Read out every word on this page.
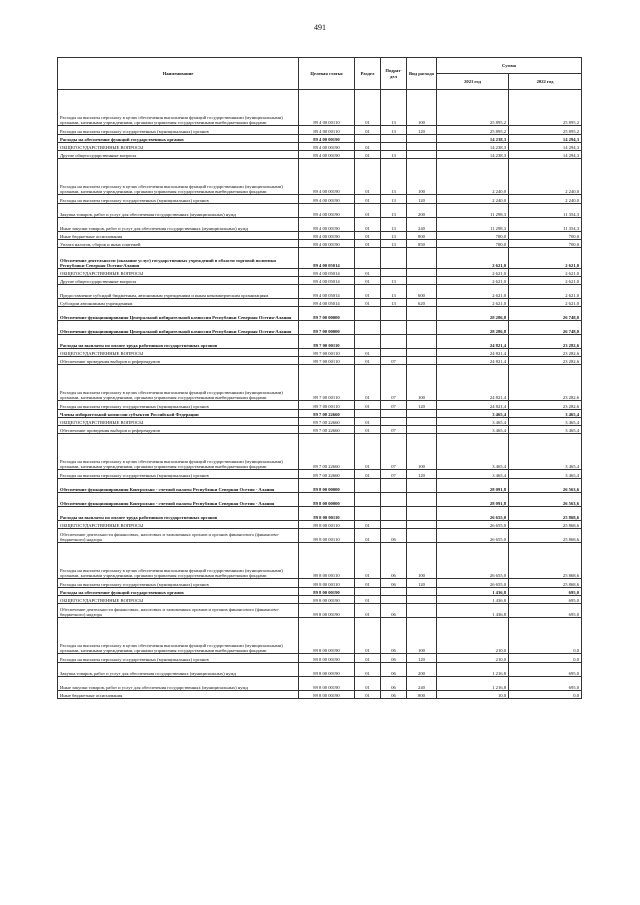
491
Наименование	Целевая статья	Раздел	Подраз-дел	Вид расхода	Сумма	
					2021 год	2022 год
Расходы на выплаты персоналу в целях обеспечения выполнения функций государственными (муниципальными) органами, казенными учреждениями, органами управления государственными внебюджетными фондами	89 4 00 00110	01	13	100	25 895,2	25 895,2
Расходы на выплаты персоналу государственных (муниципальных) органов	89 4 00 00110	01	13	120	25 895,2	25 895,2
Расходы на обеспечение функций государственных органов	89 4 00 00190				14 238,3	14 294,3
ОБЩЕГОСУДАРСТВЕННЫЕ ВОПРОСЫ	89 4 00 00190	01			14 238,3	14 294,3
Другие общегосударственные вопросы	89 4 00 00190	01	13		14 238,3	14 294,3
Расходы на выплаты персоналу в целях обеспечения выполнения функций государственными (муниципальными) органами, казенными учреждениями, органами управления государственными внебюджетными фондами	89 4 00 00190	01	13	100	2 240,0	2 240,0
Расходы на выплаты персоналу государственных (муниципальных) органов	89 4 00 00190	01	13	120	2 240,0	2 240,0
Закупка товаров, работ и услуг для обеспечения государственных (муниципальных) нужд	89 4 00 00190	01	13	200	11 298,3	11 354,3
Иные закупки товаров, работ и услуг для обеспечения государственных (муниципальных) нужд	89 4 00 00190	01	13	240	11 298,3	11 354,3
Иные бюджетные ассигнования	89 4 00 00190	01	13	800	700,0	700,0
Уплата налогов, сборов и иных платежей	89 4 00 00190	01	13	850	700,0	700,0
Обеспечение деятельности (оказание услуг) государственных учреждений в области торговой политики Республики Северная Осетия-Алания	89 4 00 05014				2 621,0	2 621,0
ОБЩЕГОСУДАРСТВЕННЫЕ ВОПРОСЫ	89 4 00 05014	01			2 621,0	2 621,0
Другие общегосударственные вопросы	89 4 00 05014	01	13		2 621,0	2 621,0
Предоставление субсидий бюджетным, автономным учреждениям и иным некоммерческим организациям	89 4 00 05014	01	13	600	2 621,0	2 621,0
Субсидии автономным учреждениям	89 4 00 05014	01	13	620	2 621,0	2 621,0
Обеспечение функционирования Центральной избирательной комиссии Республики Северная Осетия-Алания	89 7 00 00000				28 286,8	26 748,0
Обеспечение функционирования Центральной избирательной комиссии Республики Северная Осетия-Алания	89 7 00 00000				28 286,8	26 748,0
Расходы на выплаты по оплате труда работников государственных органов	89 7 00 00110				24 821,4	23 282,6
ОБЩЕГОСУДАРСТВЕННЫЕ ВОПРОСЫ	89 7 00 00110	01			24 821,4	23 282,6
Обеспечение проведения выборов и референдумов	89 7 00 00110	01	07		24 821,4	23 282,6
Расходы на выплаты персоналу в целях обеспечения выполнения функций государственными (муниципальными) органами, казенными учреждениями, органами управления государственными внебюджетными фондами	89 7 00 00110	01	07	100	24 821,4	23 282,6
Расходы на выплаты персоналу государственных (муниципальных) органов	89 7 00 00110	01	07	120	24 821,4	23 282,6
Члены избирательной комиссии субъектов Российской Федерации	89 7 00 22660				3 465,4	3 465,4
ОБЩЕГОСУДАРСТВЕННЫЕ ВОПРОСЫ	89 7 00 22660	01			3 465,4	3 465,4
Обеспечение проведения выборов и референдумов	89 7 00 22660	01	07		3 465,4	3 465,4
Расходы на выплаты персоналу в целях обеспечения выполнения функций государственными (муниципальными) органами, казенными учреждениями, органами управления государственными внебюджетными фондами	89 7 00 22660	01	07	100	3 465,4	3 465,4
Расходы на выплаты персоналу государственных (муниципальных) органов	89 7 00 22660	01	07	120	3 465,4	3 465,4
Обеспечение функционирования Контрольно - счетной палаты Республики Северная Осетия - Алания	89 8 00 00000				28 091,8	26 563,6
Обеспечение функционирования Контрольно - счетной палаты Республики Северная Осетия - Алания	89 8 00 00000				28 091,8	26 563,6
Расходы на выплаты по оплате труда работников государственных органов	89 8 00 00110				26 655,0	25 868,6
ОБЩЕГОСУДАРСТВЕННЫЕ ВОПРОСЫ	89 8 00 00110	01			26 655,0	25 868,6
Обеспечение деятельности финансовых, налоговых и таможенных органов и органов финансового (финансово-бюджетного) надзора	89 8 00 00110	01	06		26 655,0	25 868,6
Расходы на выплаты персоналу в целях обеспечения выполнения функций государственными (муниципальными) органами, казенными учреждениями, органами управления государственными внебюджетными фондами	89 8 00 00110	01	06	100	26 655,0	25 868,6
Расходы на выплаты персоналу государственных (муниципальных) органов	89 8 00 00110	01	06	120	26 655,0	25 868,6
Расходы на обеспечение функций государственных органов	89 8 00 00190				1 436,8	695,0
ОБЩЕГОСУДАРСТВЕННЫЕ ВОПРОСЫ	89 8 00 00190	01			1 436,8	695,0
Обеспечение деятельности финансовых, налоговых и таможенных органов и органов финансового (финансово-бюджетного) надзора	89 8 00 00190	01	06		1 436,8	695,0
Расходы на выплаты персоналу в целях обеспечения выполнения функций государственными (муниципальными) органами, казенными учреждениями, органами управления государственными внебюджетными фондами	89 8 00 00190	01	06	100	210,0	0,0
Расходы на выплаты персоналу государственных (муниципальных) органов	89 8 00 00190	01	06	120	210,0	0,0
Закупка товаров, работ и услуг для обеспечения государственных (муниципальных) нужд	89 8 00 00190	01	06	200	1 216,8	695,0
Иные закупки товаров, работ и услуг для обеспечения государственных (муниципальных) нужд	89 8 00 00190	01	06	240	1 216,8	695,0
Иные бюджетные ассигнования	89 8 00 00190	01	06	800	10,0	0,0
